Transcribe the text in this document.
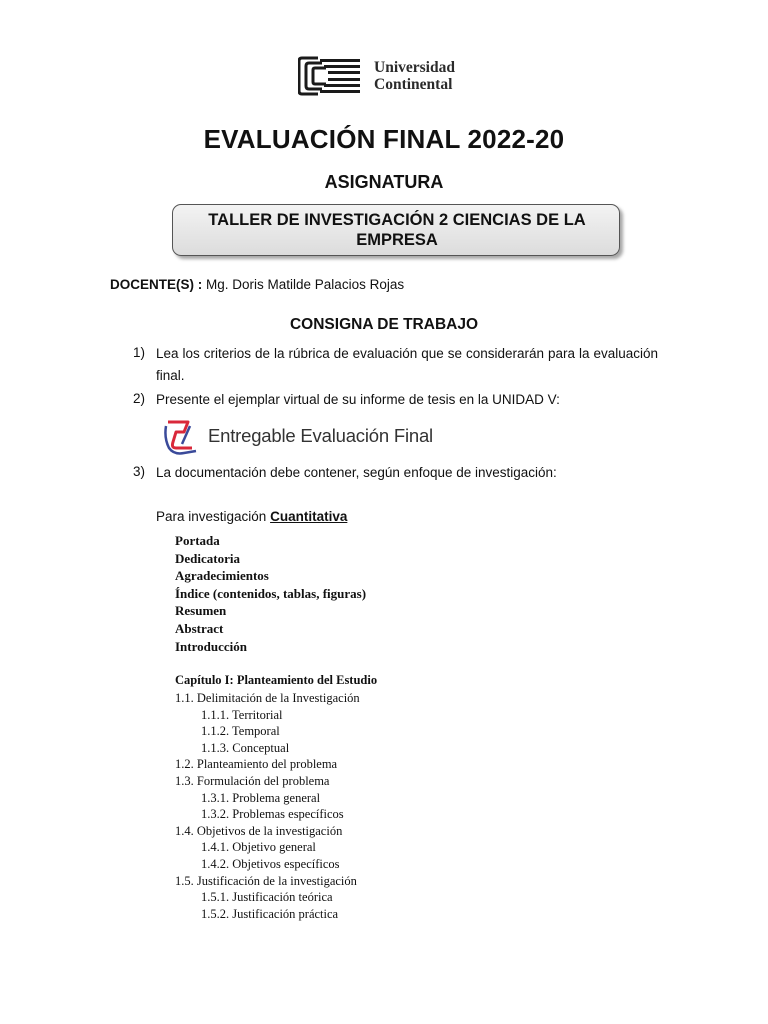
Universidad
Continental
EVALUACIÓN FINAL 2022-20
ASIGNATURA
TALLER DE INVESTIGACIÓN 2 CIENCIAS DE LA EMPRESA
DOCENTE(S) : Mg. Doris Matilde Palacios Rojas
CONSIGNA DE TRABAJO
1) Lea los criterios de la rúbrica de evaluación que se considerarán para la evaluación final.
2) Presente el ejemplar virtual de su informe de tesis en la UNIDAD V:
Entregable Evaluación Final
3) La documentación debe contener, según enfoque de investigación:
Para investigación Cuantitativa
Portada
Dedicatoria
Agradecimientos
Índice (contenidos, tablas, figuras)
Resumen
Abstract
Introducción
Capítulo I: Planteamiento del Estudio
1.1. Delimitación de la Investigación
1.1.1. Territorial
1.1.2. Temporal
1.1.3. Conceptual
1.2. Planteamiento del problema
1.3. Formulación del problema
1.3.1. Problema general
1.3.2. Problemas específicos
1.4. Objetivos de la investigación
1.4.1. Objetivo general
1.4.2. Objetivos específicos
1.5. Justificación de la investigación
1.5.1. Justificación teórica
1.5.2. Justificación práctica
